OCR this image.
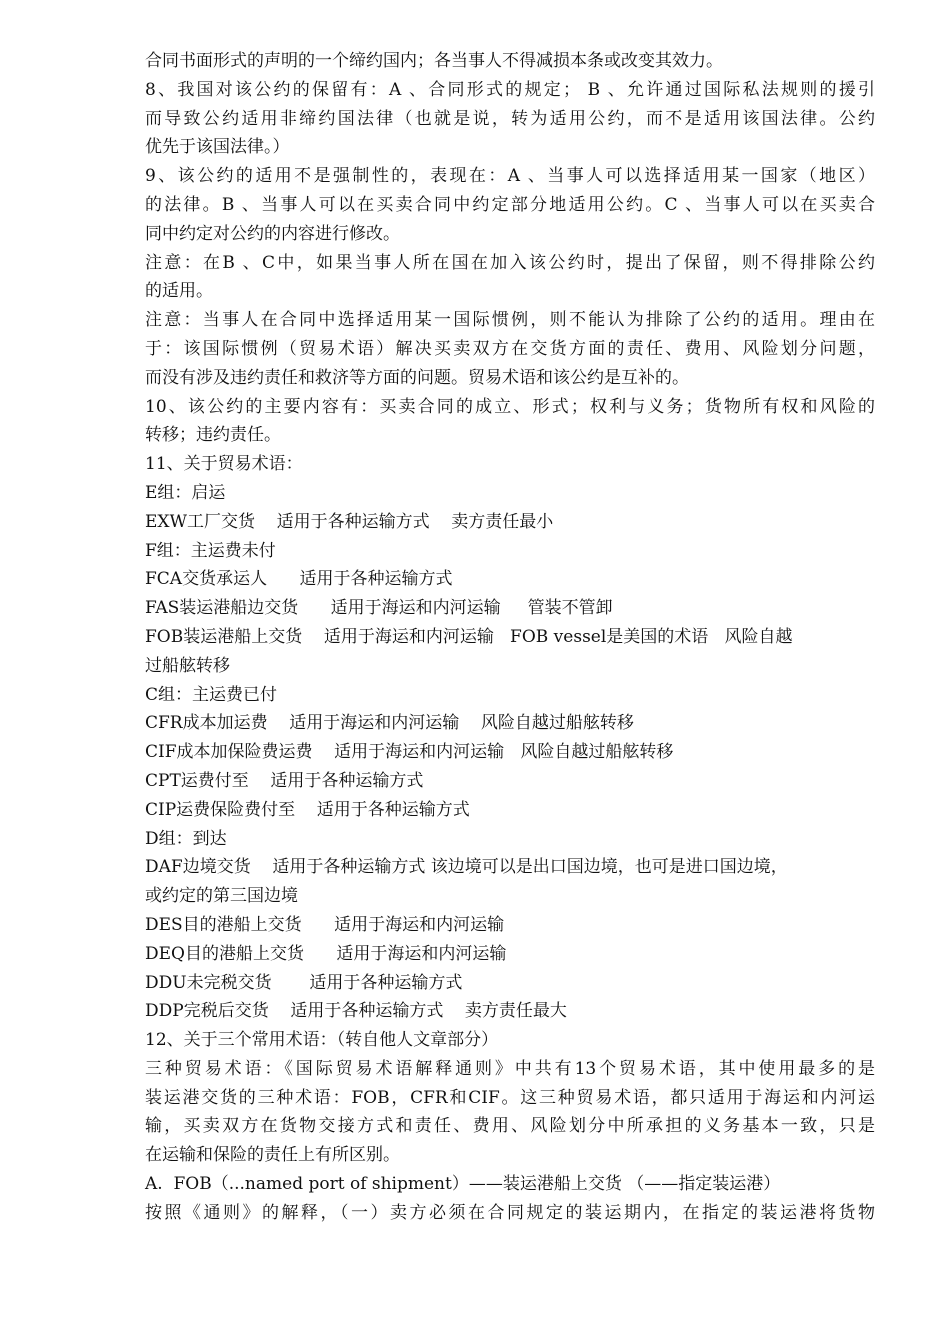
合同书面形式的声明的一个缔约国内；各当事人不得减损本条或改变其效力。
8、我国对该公约的保留有：A 、合同形式的规定； B 、允许通过国际私法规则的援引
而导致公约适用非缔约国法律（也就是说，转为适用公约，而不是适用该国法律。公约
优先于该国法律。）
9、该公约的适用不是强制性的，表现在：A 、当事人可以选择适用某一国家（地区）
的法律。B 、当事人可以在买卖合同中约定部分地适用公约。C 、当事人可以在买卖合
同中约定对公约的内容进行修改。
注意：在B 、C中，如果当事人所在国在加入该公约时，提出了保留，则不得排除公约
的适用。
注意：当事人在合同中选择适用某一国际惯例，则不能认为排除了公约的适用。理由在
于：该国际惯例（贸易术语）解决买卖双方在交货方面的责任、费用、风险划分问题，
而没有涉及违约责任和救济等方面的问题。贸易术语和该公约是互补的。
10、该公约的主要内容有：买卖合同的成立、形式；权利与义务；货物所有权和风险的
转移；违约责任。
11、关于贸易术语：
E组：启运
EXW工厂交货    适用于各种运输方式    卖方责任最小
F组：主运费未付
FCA交货承运人      适用于各种运输方式
FAS装运港船边交货      适用于海运和内河运输     管装不管卸
FOB装运港船上交货    适用于海运和内河运输   FOB vessel是美国的术语   风险自越
过船舷转移
C组：主运费已付
CFR成本加运费    适用于海运和内河运输    风险自越过船舷转移
CIF成本加保险费运费    适用于海运和内河运输   风险自越过船舷转移
CPT运费付至    适用于各种运输方式
CIP运费保险费付至    适用于各种运输方式
D组：到达
DAF边境交货    适用于各种运输方式 该边境可以是出口国边境，也可是进口国边境，
或约定的第三国边境
DES目的港船上交货      适用于海运和内河运输
DEQ目的港船上交货      适用于海运和内河运输
DDU未完税交货       适用于各种运输方式
DDP完税后交货    适用于各种运输方式    卖方责任最大
12、关于三个常用术语：（转自他人文章部分）
三种贸易术语：《国际贸易术语解释通则》中共有13个贸易术语，其中使用最多的是
装运港交货的三种术语：FOB，CFR和CIF。这三种贸易术语，都只适用于海运和内河运
输，买卖双方在货物交接方式和责任、费用、风险划分中所承担的义务基本一致，只是
在运输和保险的责任上有所区别。
A.  FOB（...named port of shipment）——装运港船上交货 （——指定装运港）
按照《通则》的解释，（一）卖方必须在合同规定的装运期内，在指定的装运港将货物
